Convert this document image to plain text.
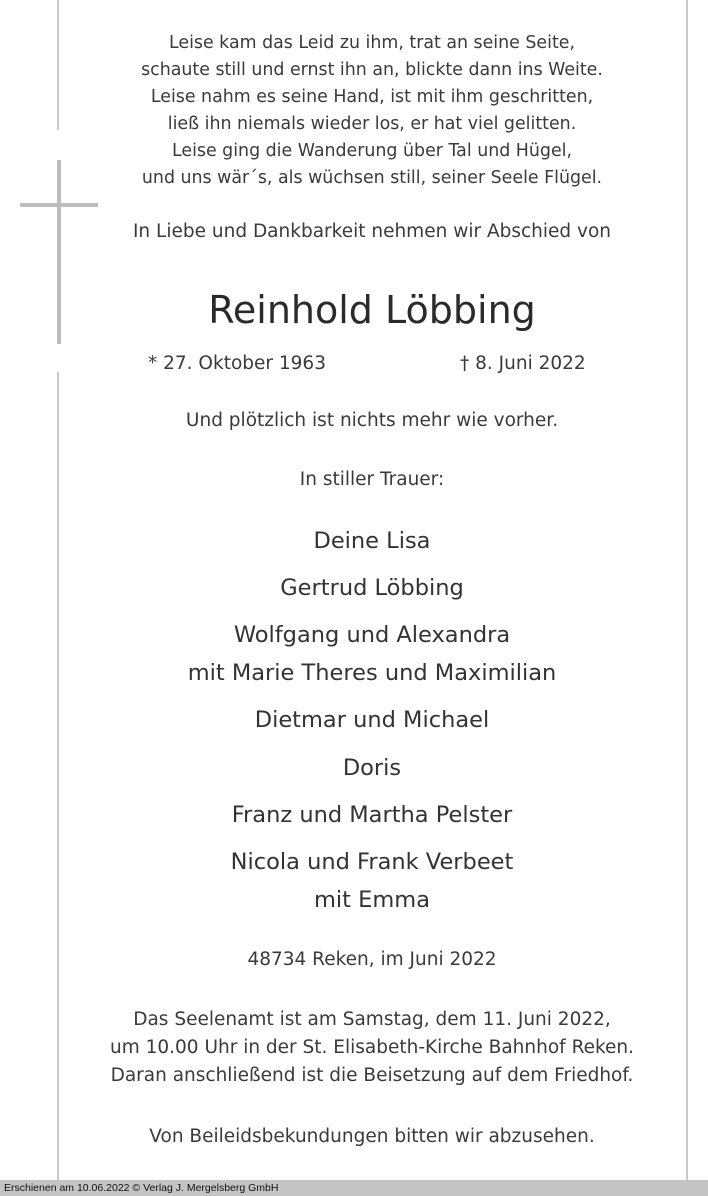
Leise kam das Leid zu ihm, trat an seine Seite,
schaute still und ernst ihn an, blickte dann ins Weite.
Leise nahm es seine Hand, ist mit ihm geschritten,
ließ ihn niemals wieder los, er hat viel gelitten.
Leise ging die Wanderung über Tal und Hügel,
und uns wär´s, als wüchsen still, seiner Seele Flügel.
In Liebe und Dankbarkeit nehmen wir Abschied von
Reinhold Löbbing
* 27. Oktober 1963	† 8. Juni 2022
Und plötzlich ist nichts mehr wie vorher.
In stiller Trauer:
Deine Lisa
Gertrud Löbbing
Wolfgang und Alexandra
mit Marie Theres und Maximilian
Dietmar und Michael
Doris
Franz und Martha Pelster
Nicola und Frank Verbeet
mit Emma
48734 Reken, im Juni 2022
Das Seelenamt ist am Samstag, dem 11. Juni 2022,
um 10.00 Uhr in der St. Elisabeth-Kirche Bahnhof Reken.
Daran anschließend ist die Beisetzung auf dem Friedhof.
Von Beileidsbekundungen bitten wir abzusehen.
Erschienen am 10.06.2022 © Verlag J. Mergelsberg GmbH
